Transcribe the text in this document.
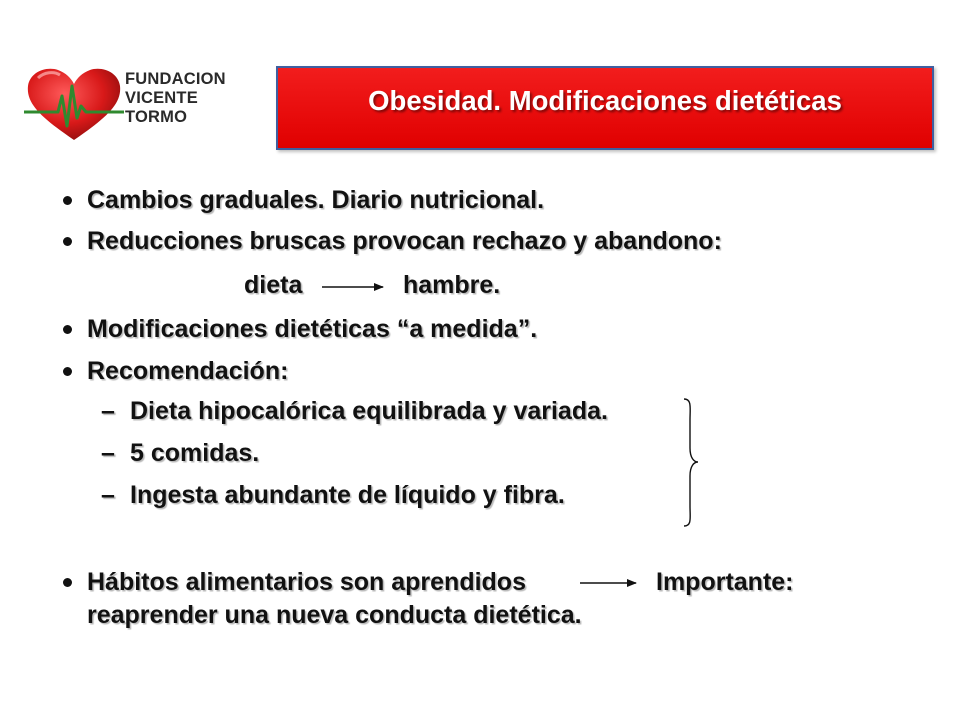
FUNDACION
VICENTE TORMO
Obesidad. Modificaciones dietéticas
Cambios graduales. Diario nutricional.
Reducciones bruscas provocan rechazo y abandono:
dieta	hambre.
Modificaciones dietéticas “a medida”.
Recomendación:
– Dieta hipocalórica equilibrada y variada.
– 5 comidas.
– Ingesta abundante de líquido y fibra.
Hábitos alimentarios son aprendidos	Importante:
reaprender una nueva conducta dietética.
